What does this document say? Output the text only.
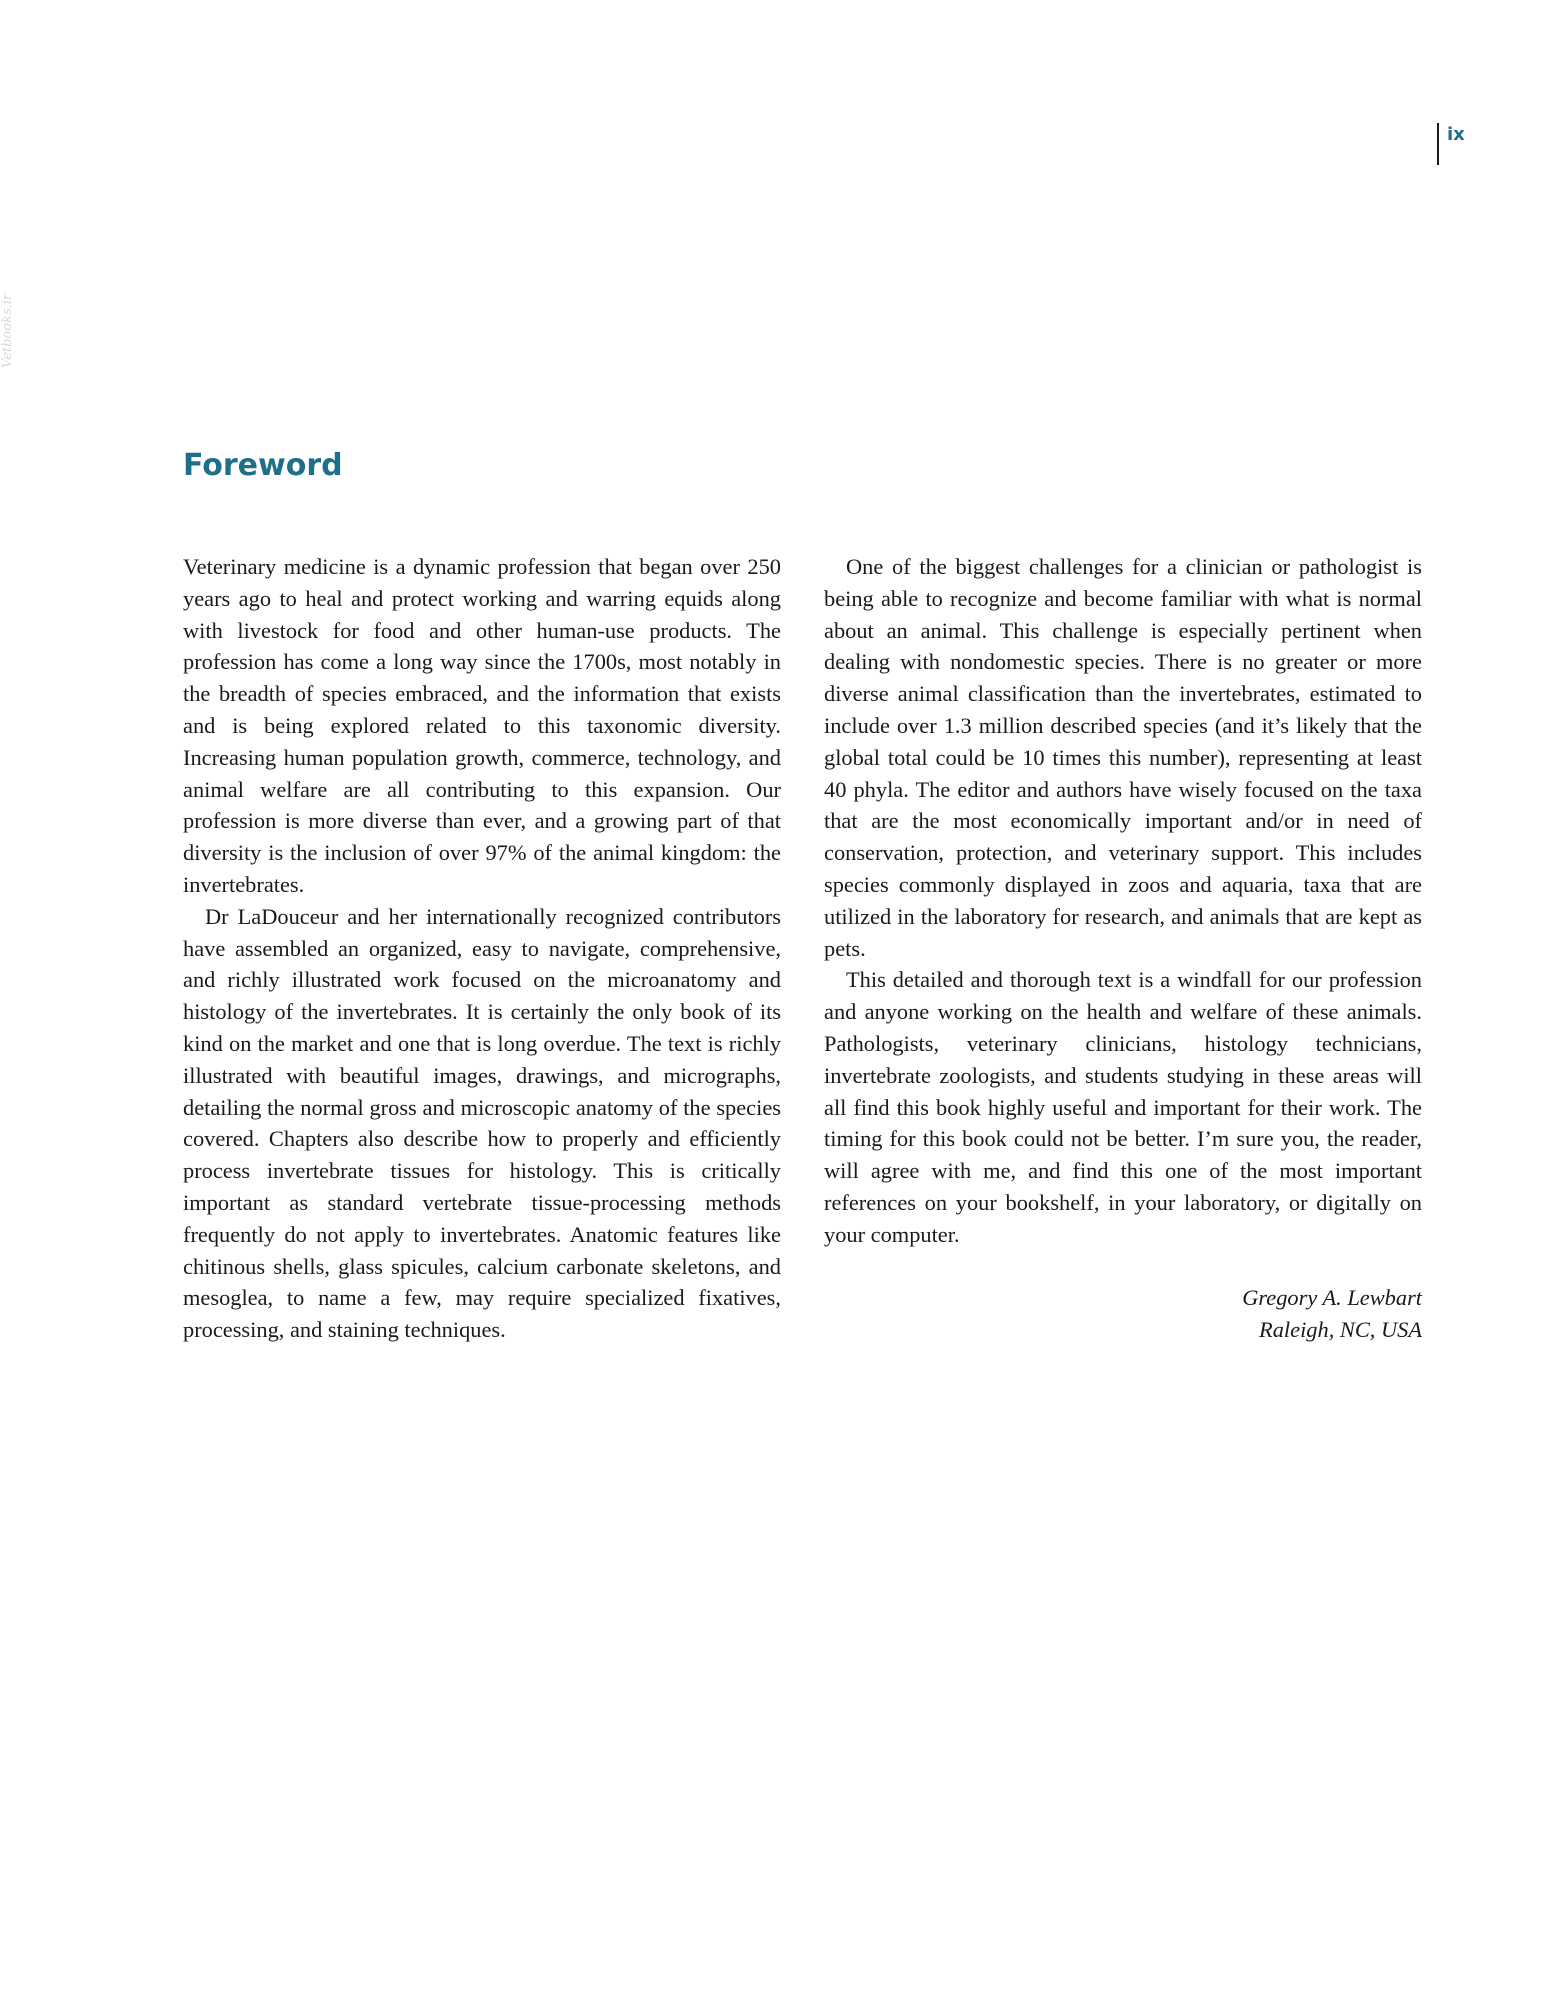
ix
Vetbooks.ir
Foreword

Veterinary medicine is a dynamic profession that began over 250 years ago to heal and protect working and warring equids along with livestock for food and other human-use products. The profession has come a long way since the 1700s, most notably in the breadth of species embraced, and the information that exists and is being explored related to this taxonomic diversity. Increasing human population growth, commerce, technology, and animal welfare are all contributing to this expansion. Our profession is more diverse than ever, and a growing part of that diversity is the inclusion of over 97% of the animal kingdom: the invertebrates.

Dr LaDouceur and her internationally recognized contributors have assembled an organized, easy to navigate, comprehensive, and richly illustrated work focused on the microanatomy and histology of the invertebrates. It is certainly the only book of its kind on the market and one that is long overdue. The text is richly illustrated with beautiful images, drawings, and micrographs, detailing the normal gross and microscopic anatomy of the species covered. Chapters also describe how to properly and efficiently process invertebrate tissues for histology. This is critically important as standard vertebrate tissue-processing methods frequently do not apply to invertebrates. Anatomic features like chitinous shells, glass spicules, calcium carbonate skeletons, and mesoglea, to name a few, may require specialized fixatives, processing, and staining techniques.

One of the biggest challenges for a clinician or pathologist is being able to recognize and become familiar with what is normal about an animal. This challenge is especially pertinent when dealing with nondomestic species. There is no greater or more diverse animal classification than the invertebrates, estimated to include over 1.3 million described species (and it’s likely that the global total could be 10 times this number), representing at least 40 phyla. The editor and authors have wisely focused on the taxa that are the most economically important and/or in need of conservation, protection, and veterinary support. This includes species commonly displayed in zoos and aquaria, taxa that are utilized in the laboratory for research, and animals that are kept as pets.

This detailed and thorough text is a windfall for our profession and anyone working on the health and welfare of these animals. Pathologists, veterinary clinicians, histology technicians, invertebrate zoologists, and students studying in these areas will all find this book highly useful and important for their work. The timing for this book could not be better. I’m sure you, the reader, will agree with me, and find this one of the most important references on your bookshelf, in your laboratory, or digitally on your computer.

Gregory A. Lewbart
Raleigh, NC, USA
